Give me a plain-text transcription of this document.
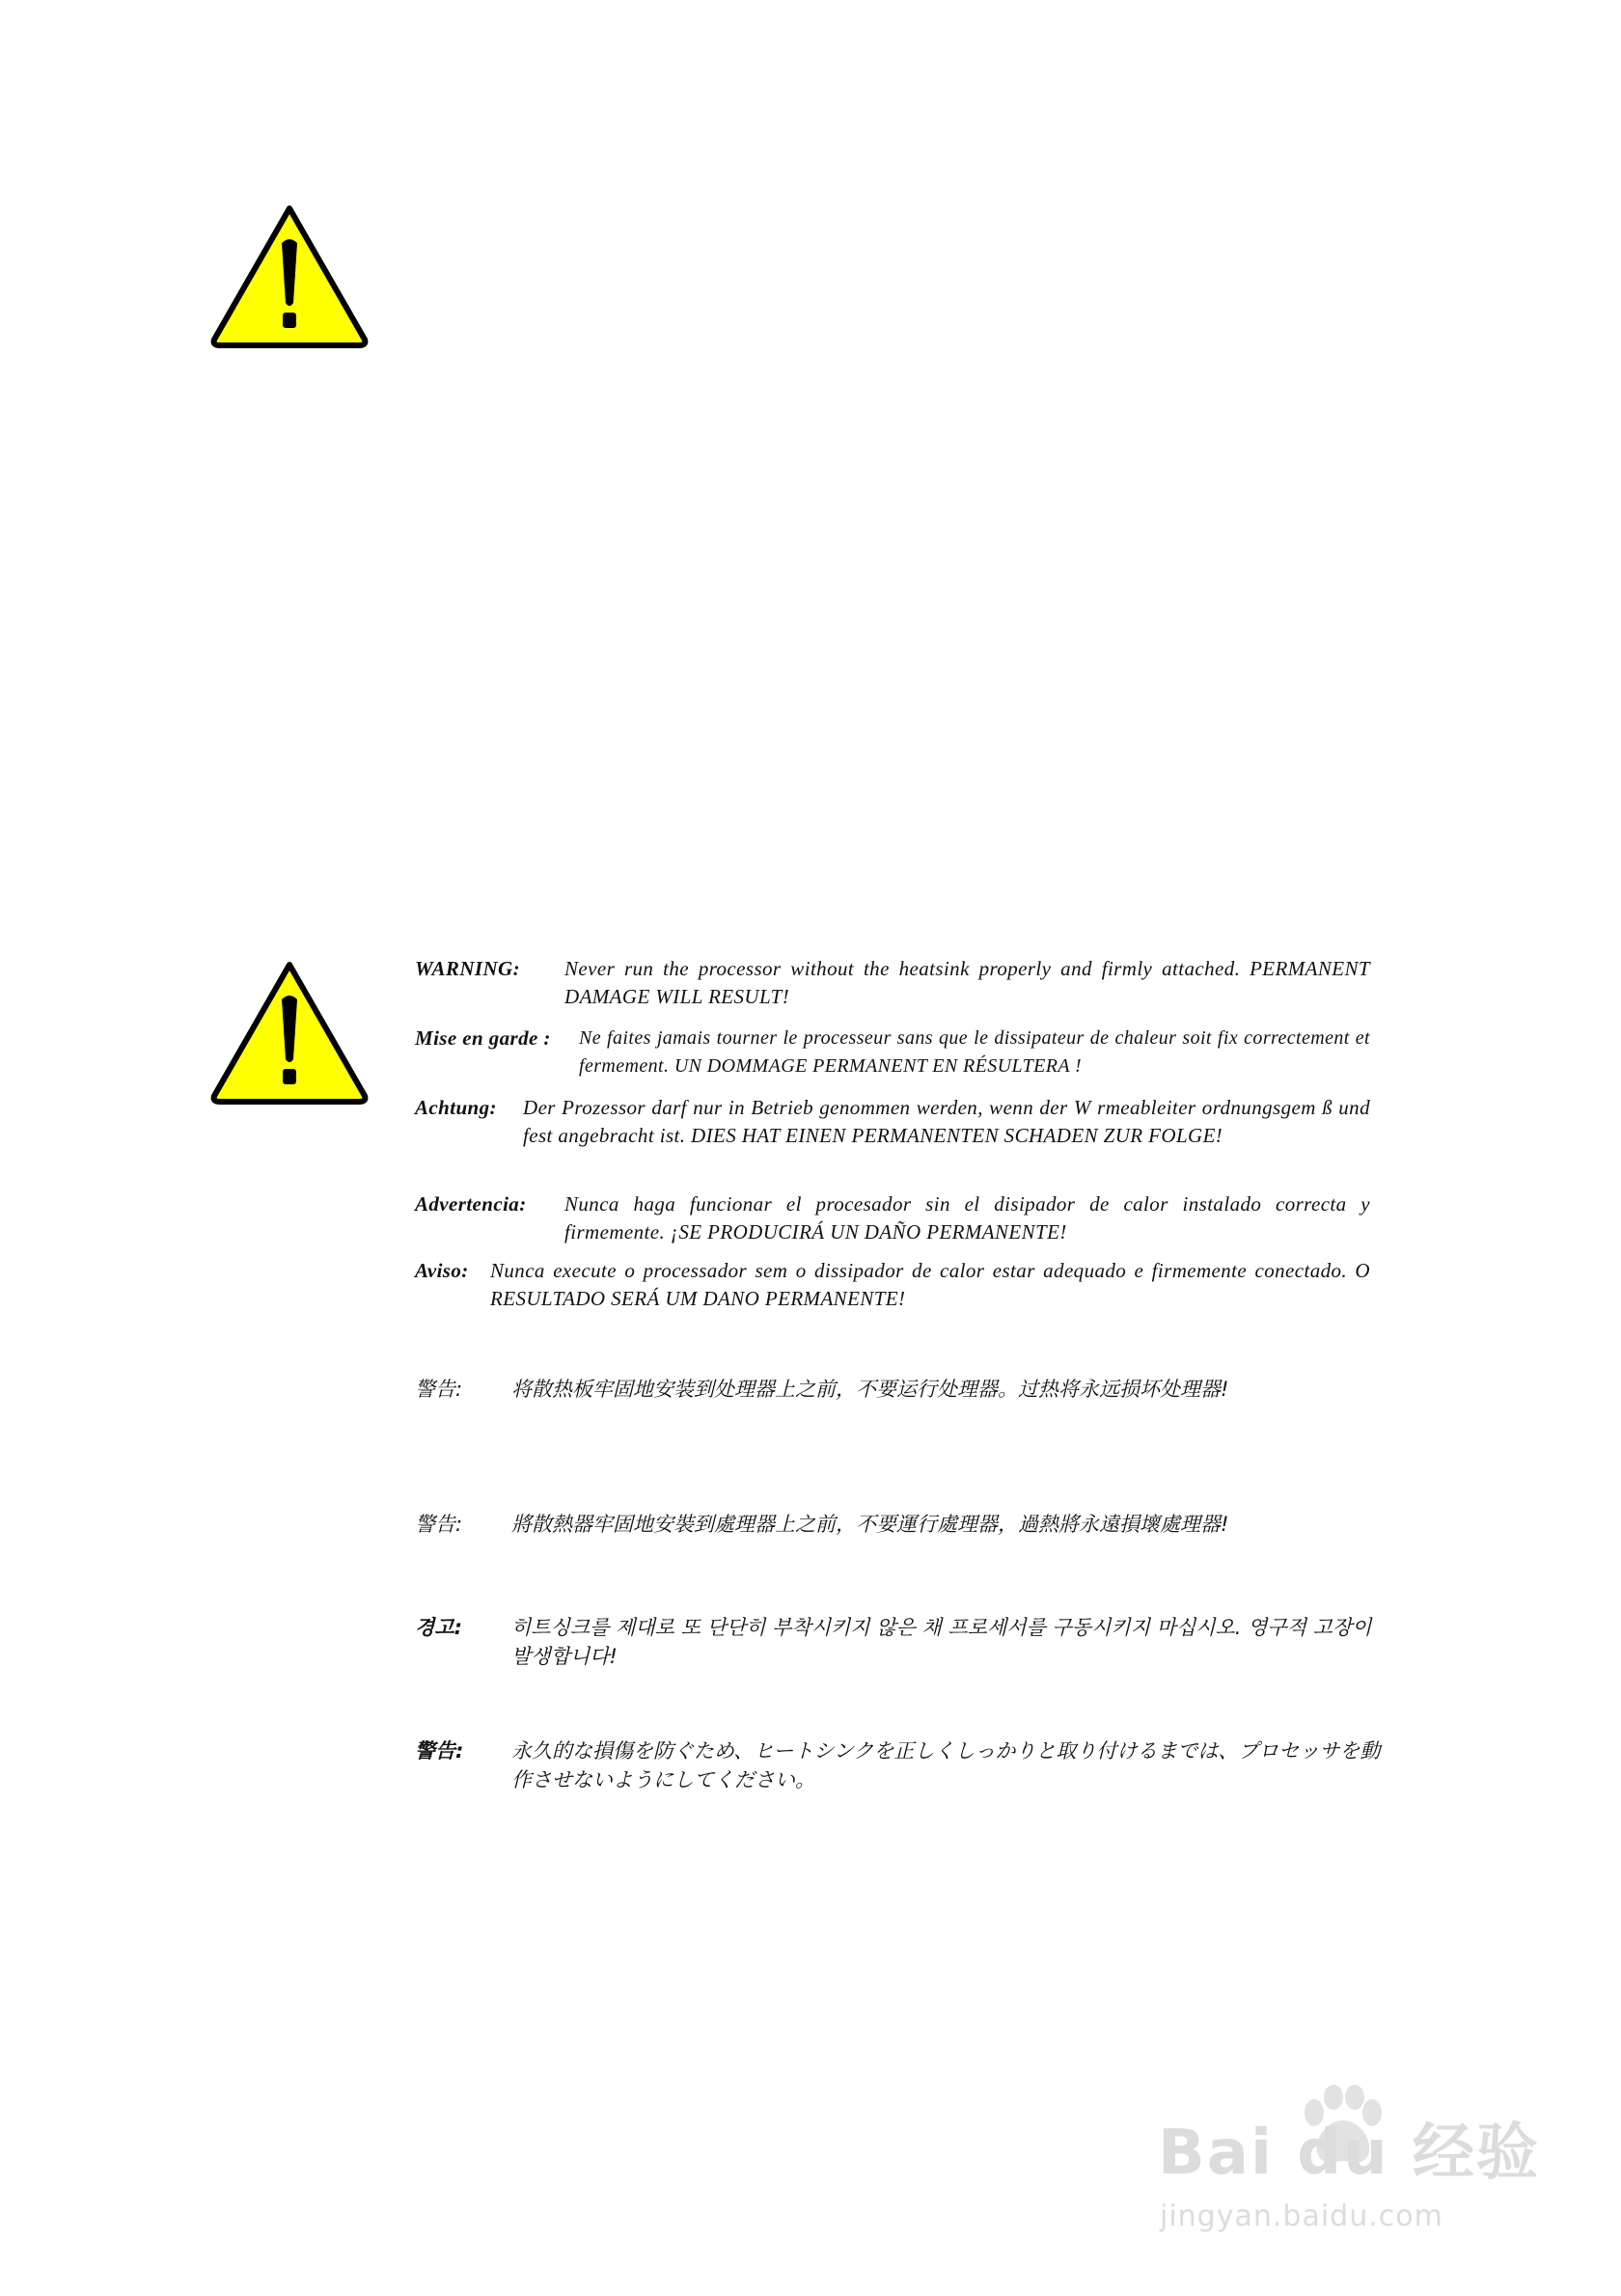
WARNING: Never run the processor without the heatsink properly and firmly attached. PERMANENT DAMAGE WILL RESULT!
Mise en garde : Ne faites jamais tourner le processeur sans que le dissipateur de chaleur soit fix correctement et fermement. UN DOMMAGE PERMANENT EN RÉSULTERA !
Achtung: Der Prozessor darf nur in Betrieb genommen werden, wenn der W rmeableiter ordnungsgem ß und fest angebracht ist. DIES HAT EINEN PERMANENTEN SCHADEN ZUR FOLGE!
Advertencia: Nunca haga funcionar el procesador sin el disipador de calor instalado correcta y firmemente. ¡SE PRODUCIRÁ UN DAÑO PERMANENTE!
Aviso: Nunca execute o processador sem o dissipador de calor estar adequado e firmemente conectado. O RESULTADO SERÁ UM DANO PERMANENTE!
警告: 将散热板牢固地安装到处理器上之前，不要运行处理器。过热将永远损坏处理器!
警告: 將散熱器牢固地安裝到處理器上之前，不要運行處理器，過熱將永遠損壞處理器!
경고: 히트싱크를 제대로 또 단단히 부착시키지 않은 채 프로세서를 구동시키지 마십시오. 영구적 고장이 발생합니다!
警告: 永久的な損傷を防ぐため、ヒートシンクを正しくしっかりと取り付けるまでは、プロセッサを動作させないようにしてください。
Bai du 经验
jingyan.baidu.com
